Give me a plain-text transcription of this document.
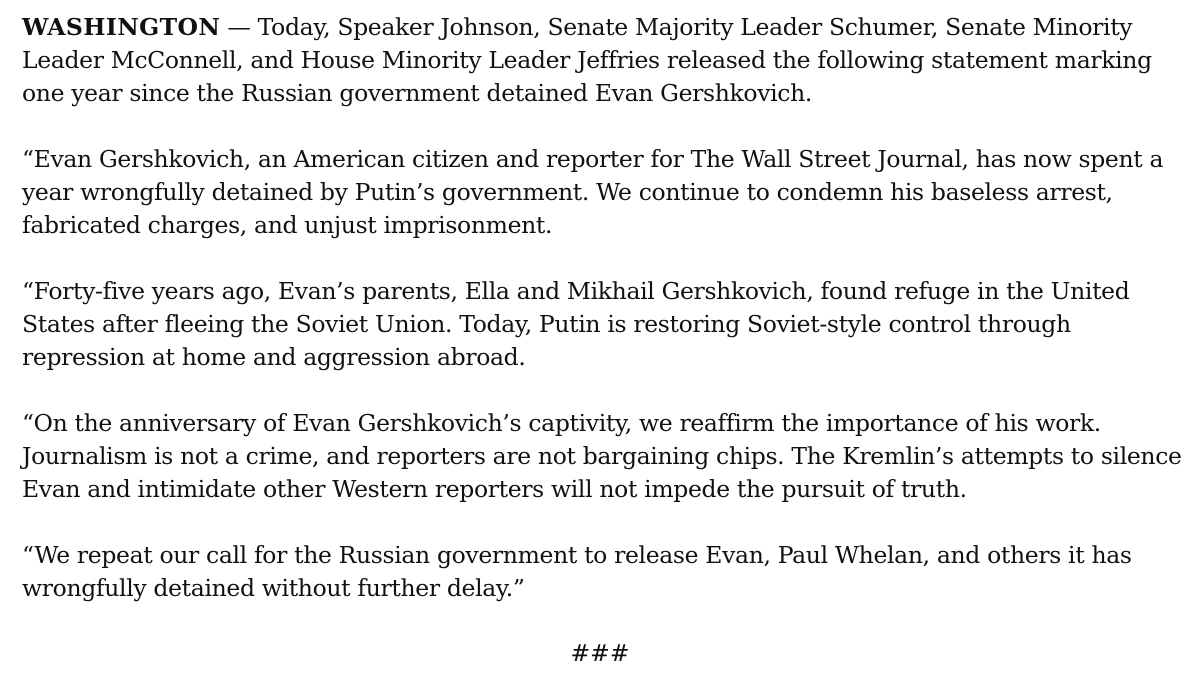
WASHINGTON — Today, Speaker Johnson, Senate Majority Leader Schumer, Senate Minority Leader McConnell, and House Minority Leader Jeffries released the following statement marking one year since the Russian government detained Evan Gershkovich.

“Evan Gershkovich, an American citizen and reporter for The Wall Street Journal, has now spent a year wrongfully detained by Putin’s government. We continue to condemn his baseless arrest, fabricated charges, and unjust imprisonment.

“Forty-five years ago, Evan’s parents, Ella and Mikhail Gershkovich, found refuge in the United States after fleeing the Soviet Union. Today, Putin is restoring Soviet-style control through repression at home and aggression abroad.

“On the anniversary of Evan Gershkovich’s captivity, we reaffirm the importance of his work. Journalism is not a crime, and reporters are not bargaining chips. The Kremlin’s attempts to silence Evan and intimidate other Western reporters will not impede the pursuit of truth.

“We repeat our call for the Russian government to release Evan, Paul Whelan, and others it has wrongfully detained without further delay.”

###
